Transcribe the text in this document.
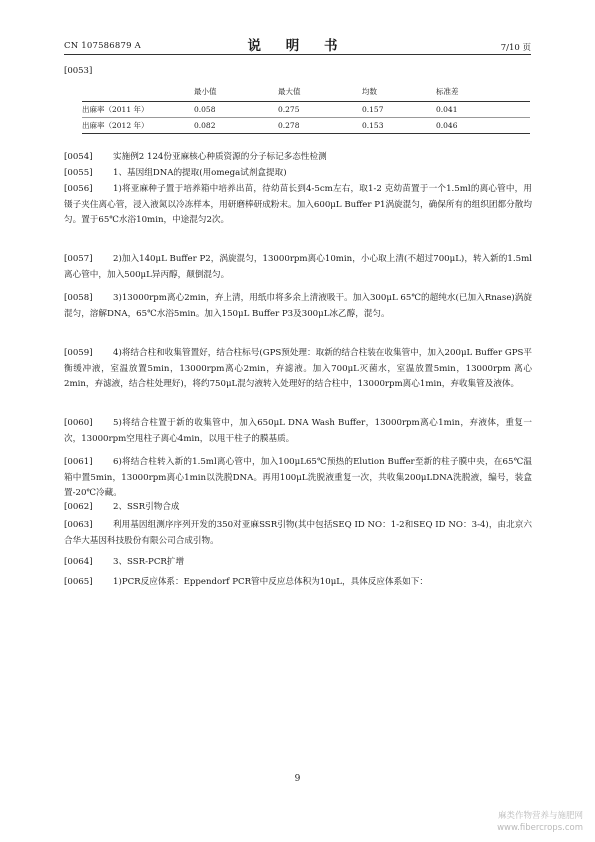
CN 107586879 A	说 明 书	7/10 页
[0053]
	最小值	最大值	均数	标准差
出麻率（2011 年）	0.058	0.275	0.157	0.041
出麻率（2012 年）	0.082	0.278	0.153	0.046
[0054]	实施例2 124份亚麻核心种质资源的分子标记多态性检测
[0055]	1、基因组DNA的提取(用omega试剂盒提取)
[0056]	1)将亚麻种子置于培养箱中培养出苗，待幼苗长到4-5cm左右，取1-2 克幼苗置于一个1.5ml的离心管中，用镊子夹住离心管，浸入液氮以冷冻样本，用研磨棒研成粉末。加入600μL Buffer P1涡旋混匀，确保所有的组织团都分散均匀。置于65℃水浴10min，中途混匀2次。
[0057]	2)加入140μL Buffer P2，涡旋混匀，13000rpm离心10min，小心取上清(不超过700μL)，转入新的1.5ml离心管中，加入500μL异丙醇，颠倒混匀。
[0058]	3)13000rpm离心2min，弃上清，用纸巾将多余上清液吸干。加入300μL 65℃的超纯水(已加入Rnase)涡旋混匀，溶解DNA，65℃水浴5min。加入150μL Buffer P3及300μL冰乙醇，混匀。
[0059]	4)将结合柱和收集管置好，结合柱标号(GPS预处理：取新的结合柱装在收集管中，加入200μL Buffer GPS平衡缓冲液，室温放置5min，13000rpm离心2min，弃滤液。加入700μL灭菌水，室温放置5min，13000rpm 离心2min，弃滤液，结合柱处理好)，将约750μL混匀液转入处理好的结合柱中，13000rpm离心1min，弃收集管及液体。
[0060]	5)将结合柱置于新的收集管中，加入650μL DNA Wash Buffer，13000rpm离心1min，弃液体，重复一次，13000rpm空甩柱子离心4min，以甩干柱子的膜基质。
[0061]	6)将结合柱转入新的1.5ml离心管中，加入100μL65℃预热的Elution Buffer至新的柱子膜中央，在65℃温箱中置5min，13000rpm离心1min以洗脱DNA。再用100μL洗脱液重复一次，共收集200μLDNA洗脱液，编号，装盒置-20℃冷藏。
[0062]	2、SSR引物合成
[0063]	利用基因组测序序列开发的350对亚麻SSR引物(其中包括SEQ ID NO：1-2和SEQ ID NO：3-4)，由北京六合华大基因科技股份有限公司合成引物。
[0064]	3、SSR-PCR扩增
[0065]	1)PCR反应体系：Eppendorf PCR管中反应总体积为10μL，具体反应体系如下：
9
麻类作物营养与施肥网
www.fibercrops.com
